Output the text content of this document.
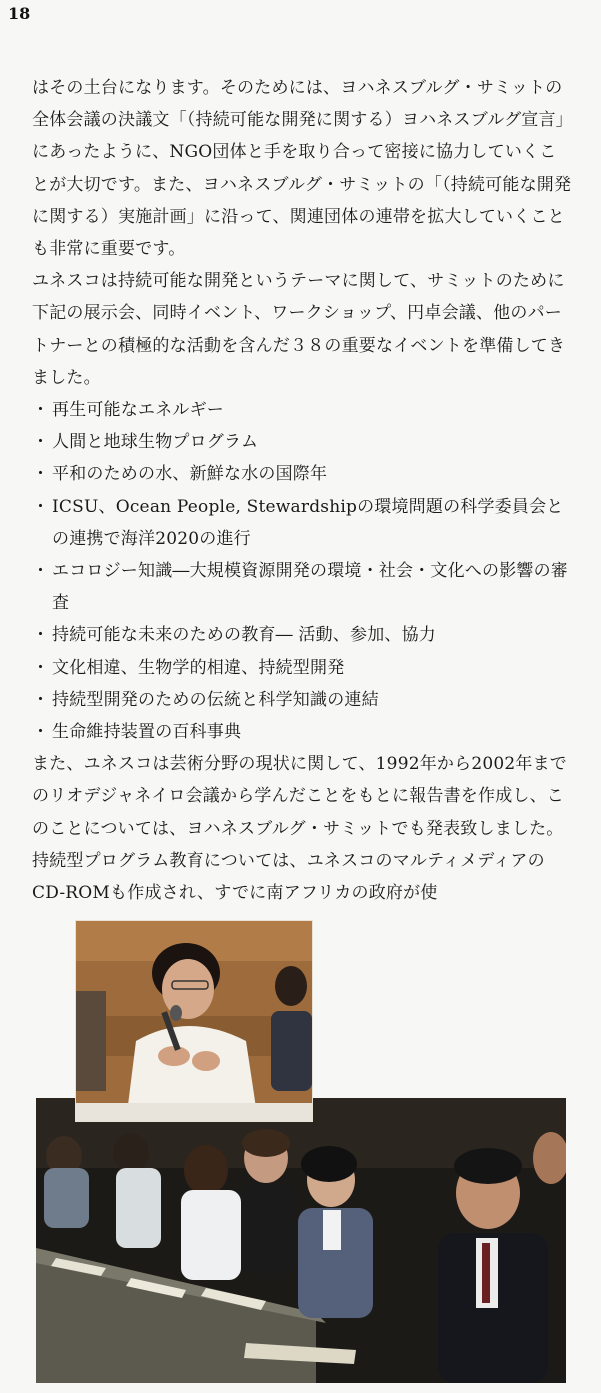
18

はその土台になります。そのためには、ヨハネスブルグ・サミットの全体会議の決議文「（持続可能な開発に関する）ヨハネスブルグ宣言」にあったように、NGO団体と手を取り合って密接に協力していくことが大切です。また、ヨハネスブルグ・サミットの「（持続可能な開発に関する）実施計画」に沿って、関連団体の連帯を拡大していくことも非常に重要です。

ユネスコは持続可能な開発というテーマに関して、サミットのために下記の展示会、同時イベント、ワークショップ、円卓会議、他のパートナーとの積極的な活動を含んだ３８の重要なイベントを準備してきました。

・ 再生可能なエネルギー
・ 人間と地球生物プログラム
・ 平和のための水、新鮮な水の国際年
・ ICSU、Ocean People, Stewardshipの環境問題の科学委員会との連携で海洋2020の進行
・ エコロジー知識―大規模資源開発の環境・社会・文化への影響の審査
・ 持続可能な未来のための教育― 活動、参加、協力
・ 文化相違、生物学的相違、持続型開発
・ 持続型開発のための伝統と科学知識の連結
・ 生命維持装置の百科事典

また、ユネスコは芸術分野の現状に関して、1992年から2002年までのリオデジャネイロ会議から学んだことをもとに報告書を作成し、このことについては、ヨハネスブルグ・サミットでも発表致しました。持続型プログラム教育については、ユネスコのマルティメディアのCD-ROMも作成され、すでに南アフリカの政府が使
